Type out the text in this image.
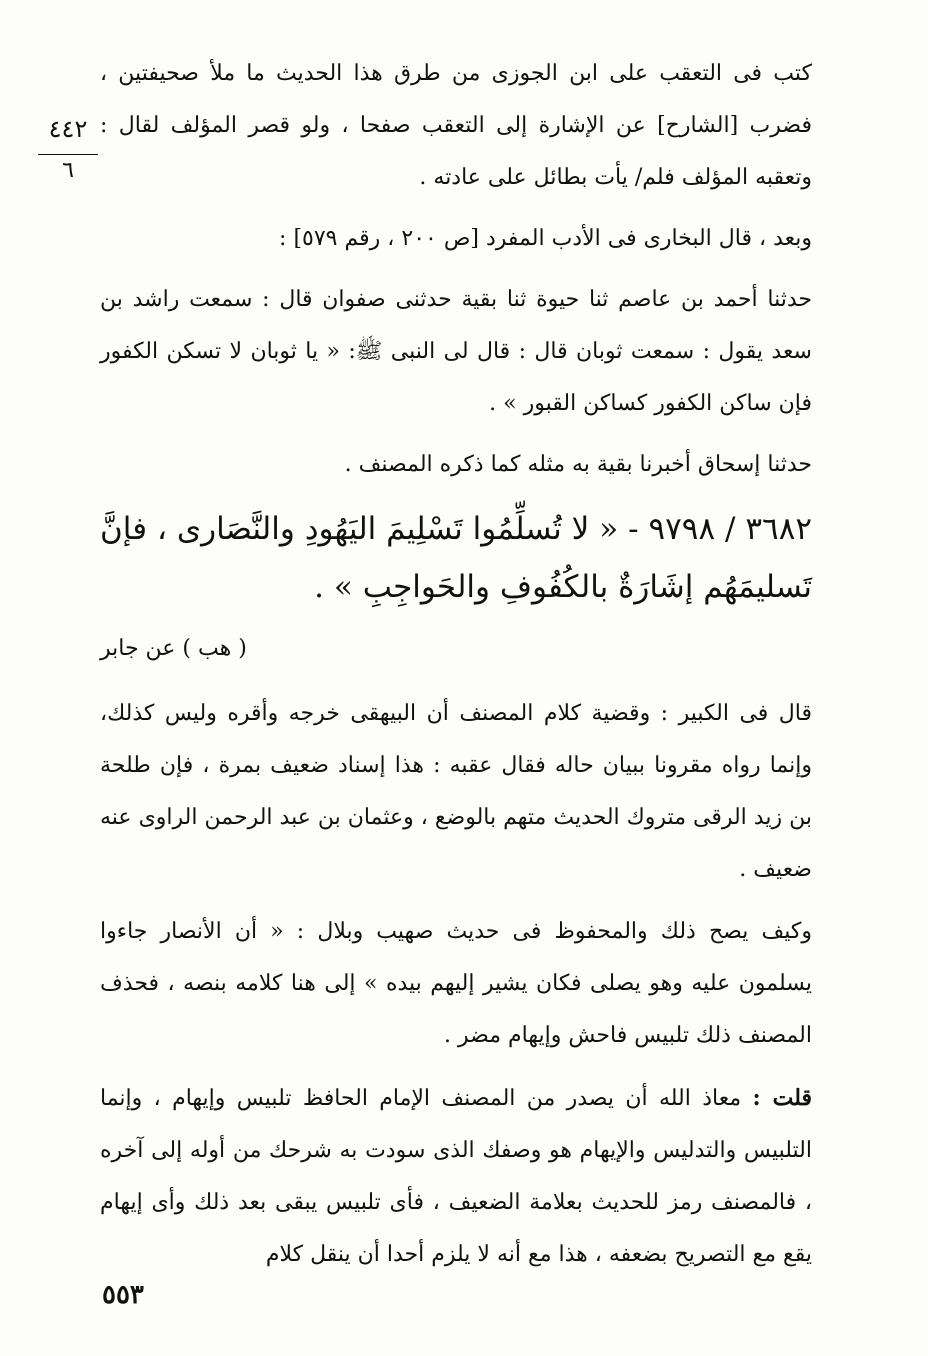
٤٤٢
٦

كتب فى التعقب على ابن الجوزى من طرق هذا الحديث ما ملأ صحيفتين ، فضرب [الشارح] عن الإشارة إلى التعقب صفحا ، ولو قصر المؤلف لقال : وتعقبه المؤلف فلم/ يأت بطائل على عادته .

وبعد ، قال البخارى فى الأدب المفرد [ص ٢٠٠ ، رقم ٥٧٩] :

حدثنا أحمد بن عاصم ثنا حيوة ثنا بقية حدثنى صفوان قال : سمعت راشد بن سعد يقول : سمعت ثوبان قال : قال لى النبى ﷺ: « يا ثوبان لا تسكن الكفور فإن ساكن الكفور كساكن القبور » .

حدثنا إسحاق أخبرنا بقية به مثله كما ذكره المصنف .

٣٦٨٢ / ٩٧٩٨ - « لا تُسلِّمُوا تَسْلِيمَ اليَهُودِ والنَّصَارى ، فإنَّ تَسليمَهُم إشَارَةٌ بالكُفُوفِ والحَواجِبِ » .

( هب ) عن جابر

قال فى الكبير : وقضية كلام المصنف أن البيهقى خرجه وأقره وليس كذلك، وإنما رواه مقرونا ببيان حاله فقال عقبه : هذا إسناد ضعيف بمرة ، فإن طلحة بن زيد الرقى متروك الحديث متهم بالوضع ، وعثمان بن عبد الرحمن الراوى عنه ضعيف .

وكيف يصح ذلك والمحفوظ فى حديث صهيب وبلال : « أن الأنصار جاءوا يسلمون عليه وهو يصلى فكان يشير إليهم بيده » إلى هنا كلامه بنصه ، فحذف المصنف ذلك تلبيس فاحش وإيهام مضر .

قلت : معاذ الله أن يصدر من المصنف الإمام الحافظ تلبيس وإيهام ، وإنما التلبيس والتدليس والإيهام هو وصفك الذى سودت به شرحك من أوله إلى آخره ، فالمصنف رمز للحديث بعلامة الضعيف ، فأى تلبيس يبقى بعد ذلك وأى إيهام يقع مع التصريح بضعفه ، هذا مع أنه لا يلزم أحدا أن ينقل كلام

٥٥٣
